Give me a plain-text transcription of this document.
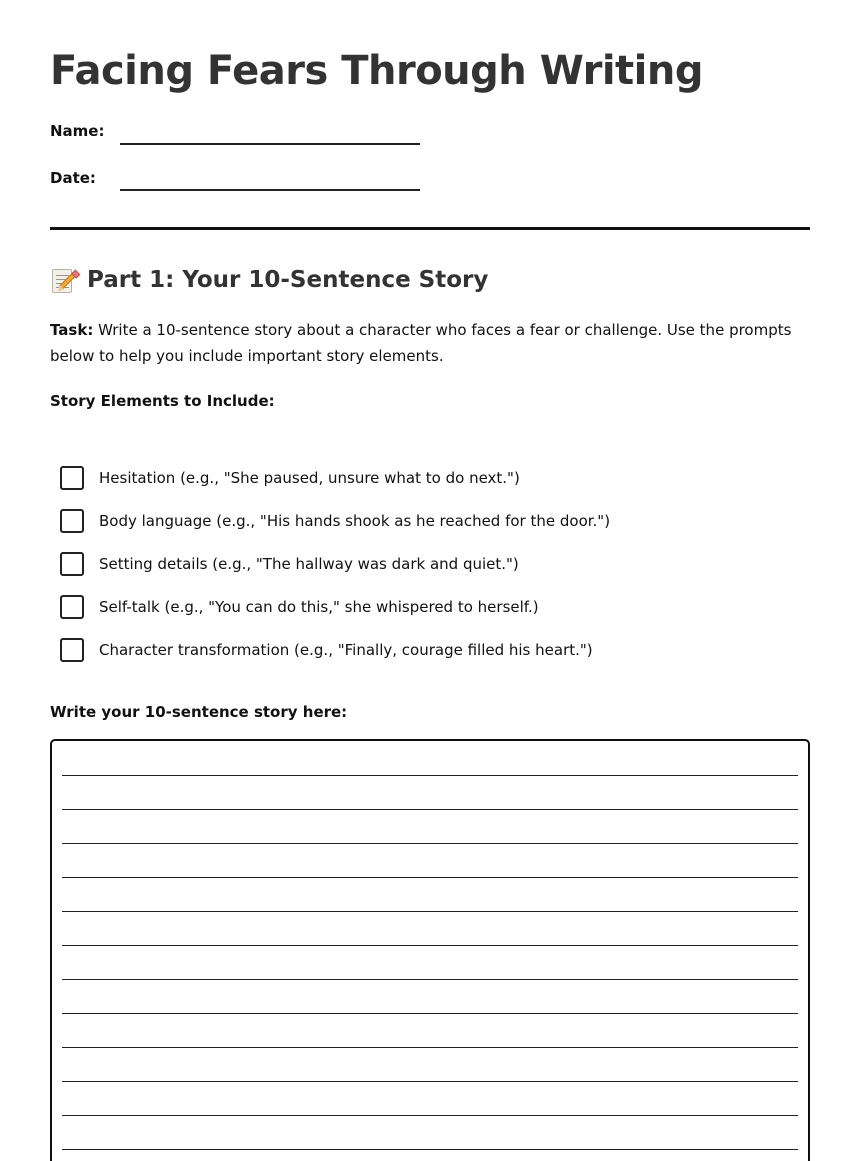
Facing Fears Through Writing
Name:
Date:
Part 1: Your 10-Sentence Story

Task: Write a 10-sentence story about a character who faces a fear or challenge. Use the prompts below to help you include important story elements.

Story Elements to Include:
Hesitation (e.g., "She paused, unsure what to do next.")
Body language (e.g., "His hands shook as he reached for the door.")
Setting details (e.g., "The hallway was dark and quiet.")
Self-talk (e.g., "You can do this," she whispered to herself.)
Character transformation (e.g., "Finally, courage filled his heart.")
Write your 10-sentence story here:
